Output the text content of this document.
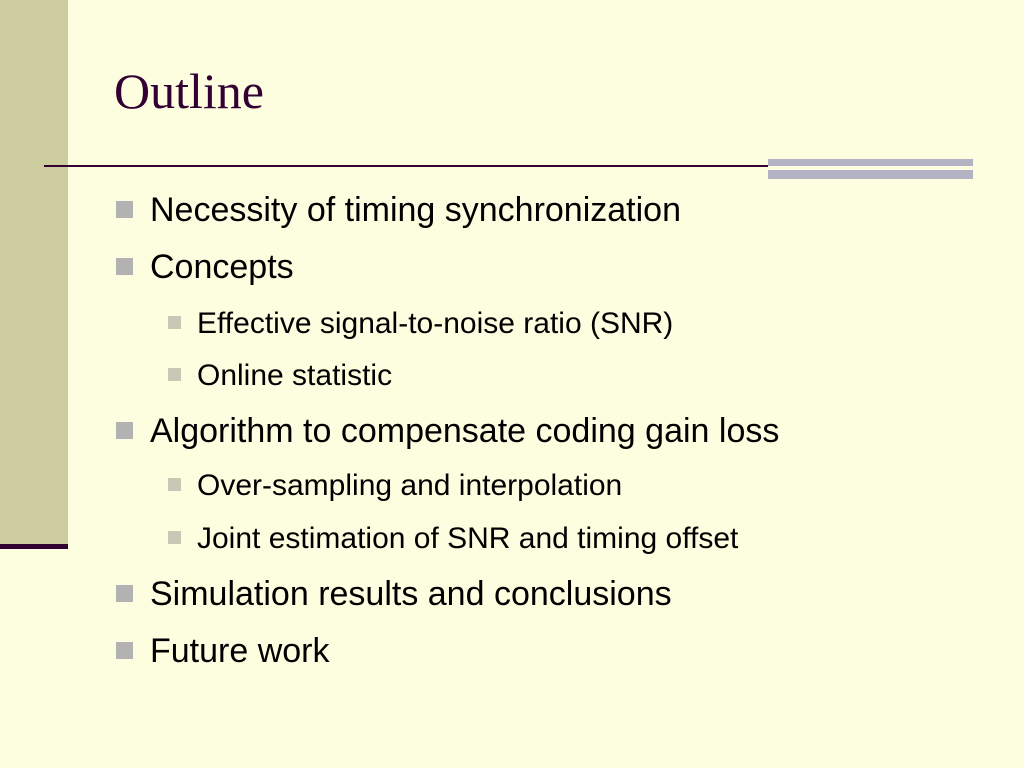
Outline
Necessity of timing synchronization
Concepts
Effective signal-to-noise ratio (SNR)
Online statistic
Algorithm to compensate coding gain loss
Over-sampling and interpolation
Joint estimation of SNR and timing offset
Simulation results and conclusions
Future work
